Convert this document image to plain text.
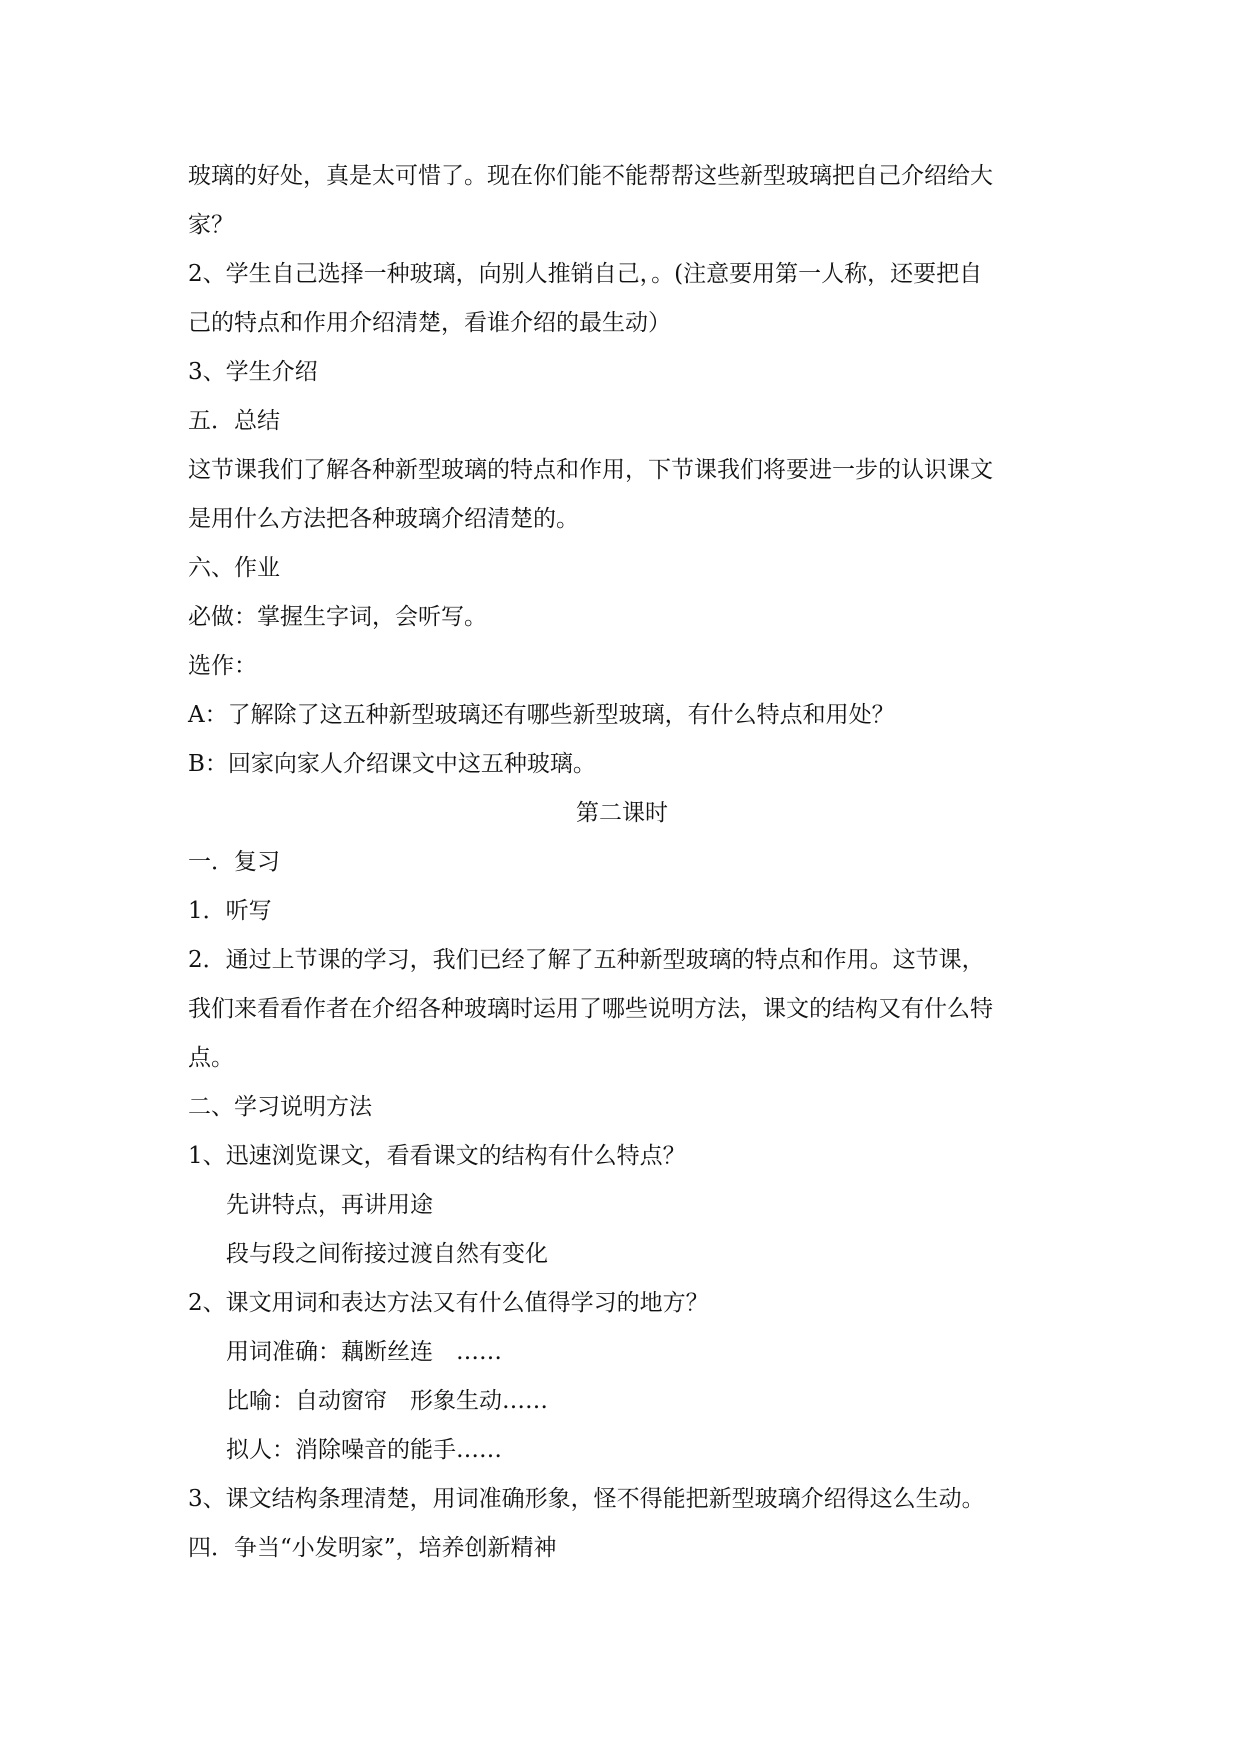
玻璃的好处，真是太可惜了。现在你们能不能帮帮这些新型玻璃把自己介绍给大

家？

2、学生自己选择一种玻璃，向别人推销自己，。(注意要用第一人称，还要把自

己的特点和作用介绍清楚，看谁介绍的最生动）

3、学生介绍

五．总结

这节课我们了解各种新型玻璃的特点和作用，下节课我们将要进一步的认识课文

是用什么方法把各种玻璃介绍清楚的。

六、作业

必做：掌握生字词，会听写。

选作：

A：了解除了这五种新型玻璃还有哪些新型玻璃，有什么特点和用处？

B：回家向家人介绍课文中这五种玻璃。

第二课时

一．复习

1．听写

2．通过上节课的学习，我们已经了解了五种新型玻璃的特点和作用。这节课，

我们来看看作者在介绍各种玻璃时运用了哪些说明方法，课文的结构又有什么特

点。

二、学习说明方法

1、迅速浏览课文，看看课文的结构有什么特点？

先讲特点，再讲用途

段与段之间衔接过渡自然有变化

2、课文用词和表达方法又有什么值得学习的地方？

用词准确：藕断丝连　……

比喻：自动窗帘　形象生动……

拟人：消除噪音的能手……

3、课文结构条理清楚，用词准确形象，怪不得能把新型玻璃介绍得这么生动。

四．争当“小发明家”，培养创新精神
